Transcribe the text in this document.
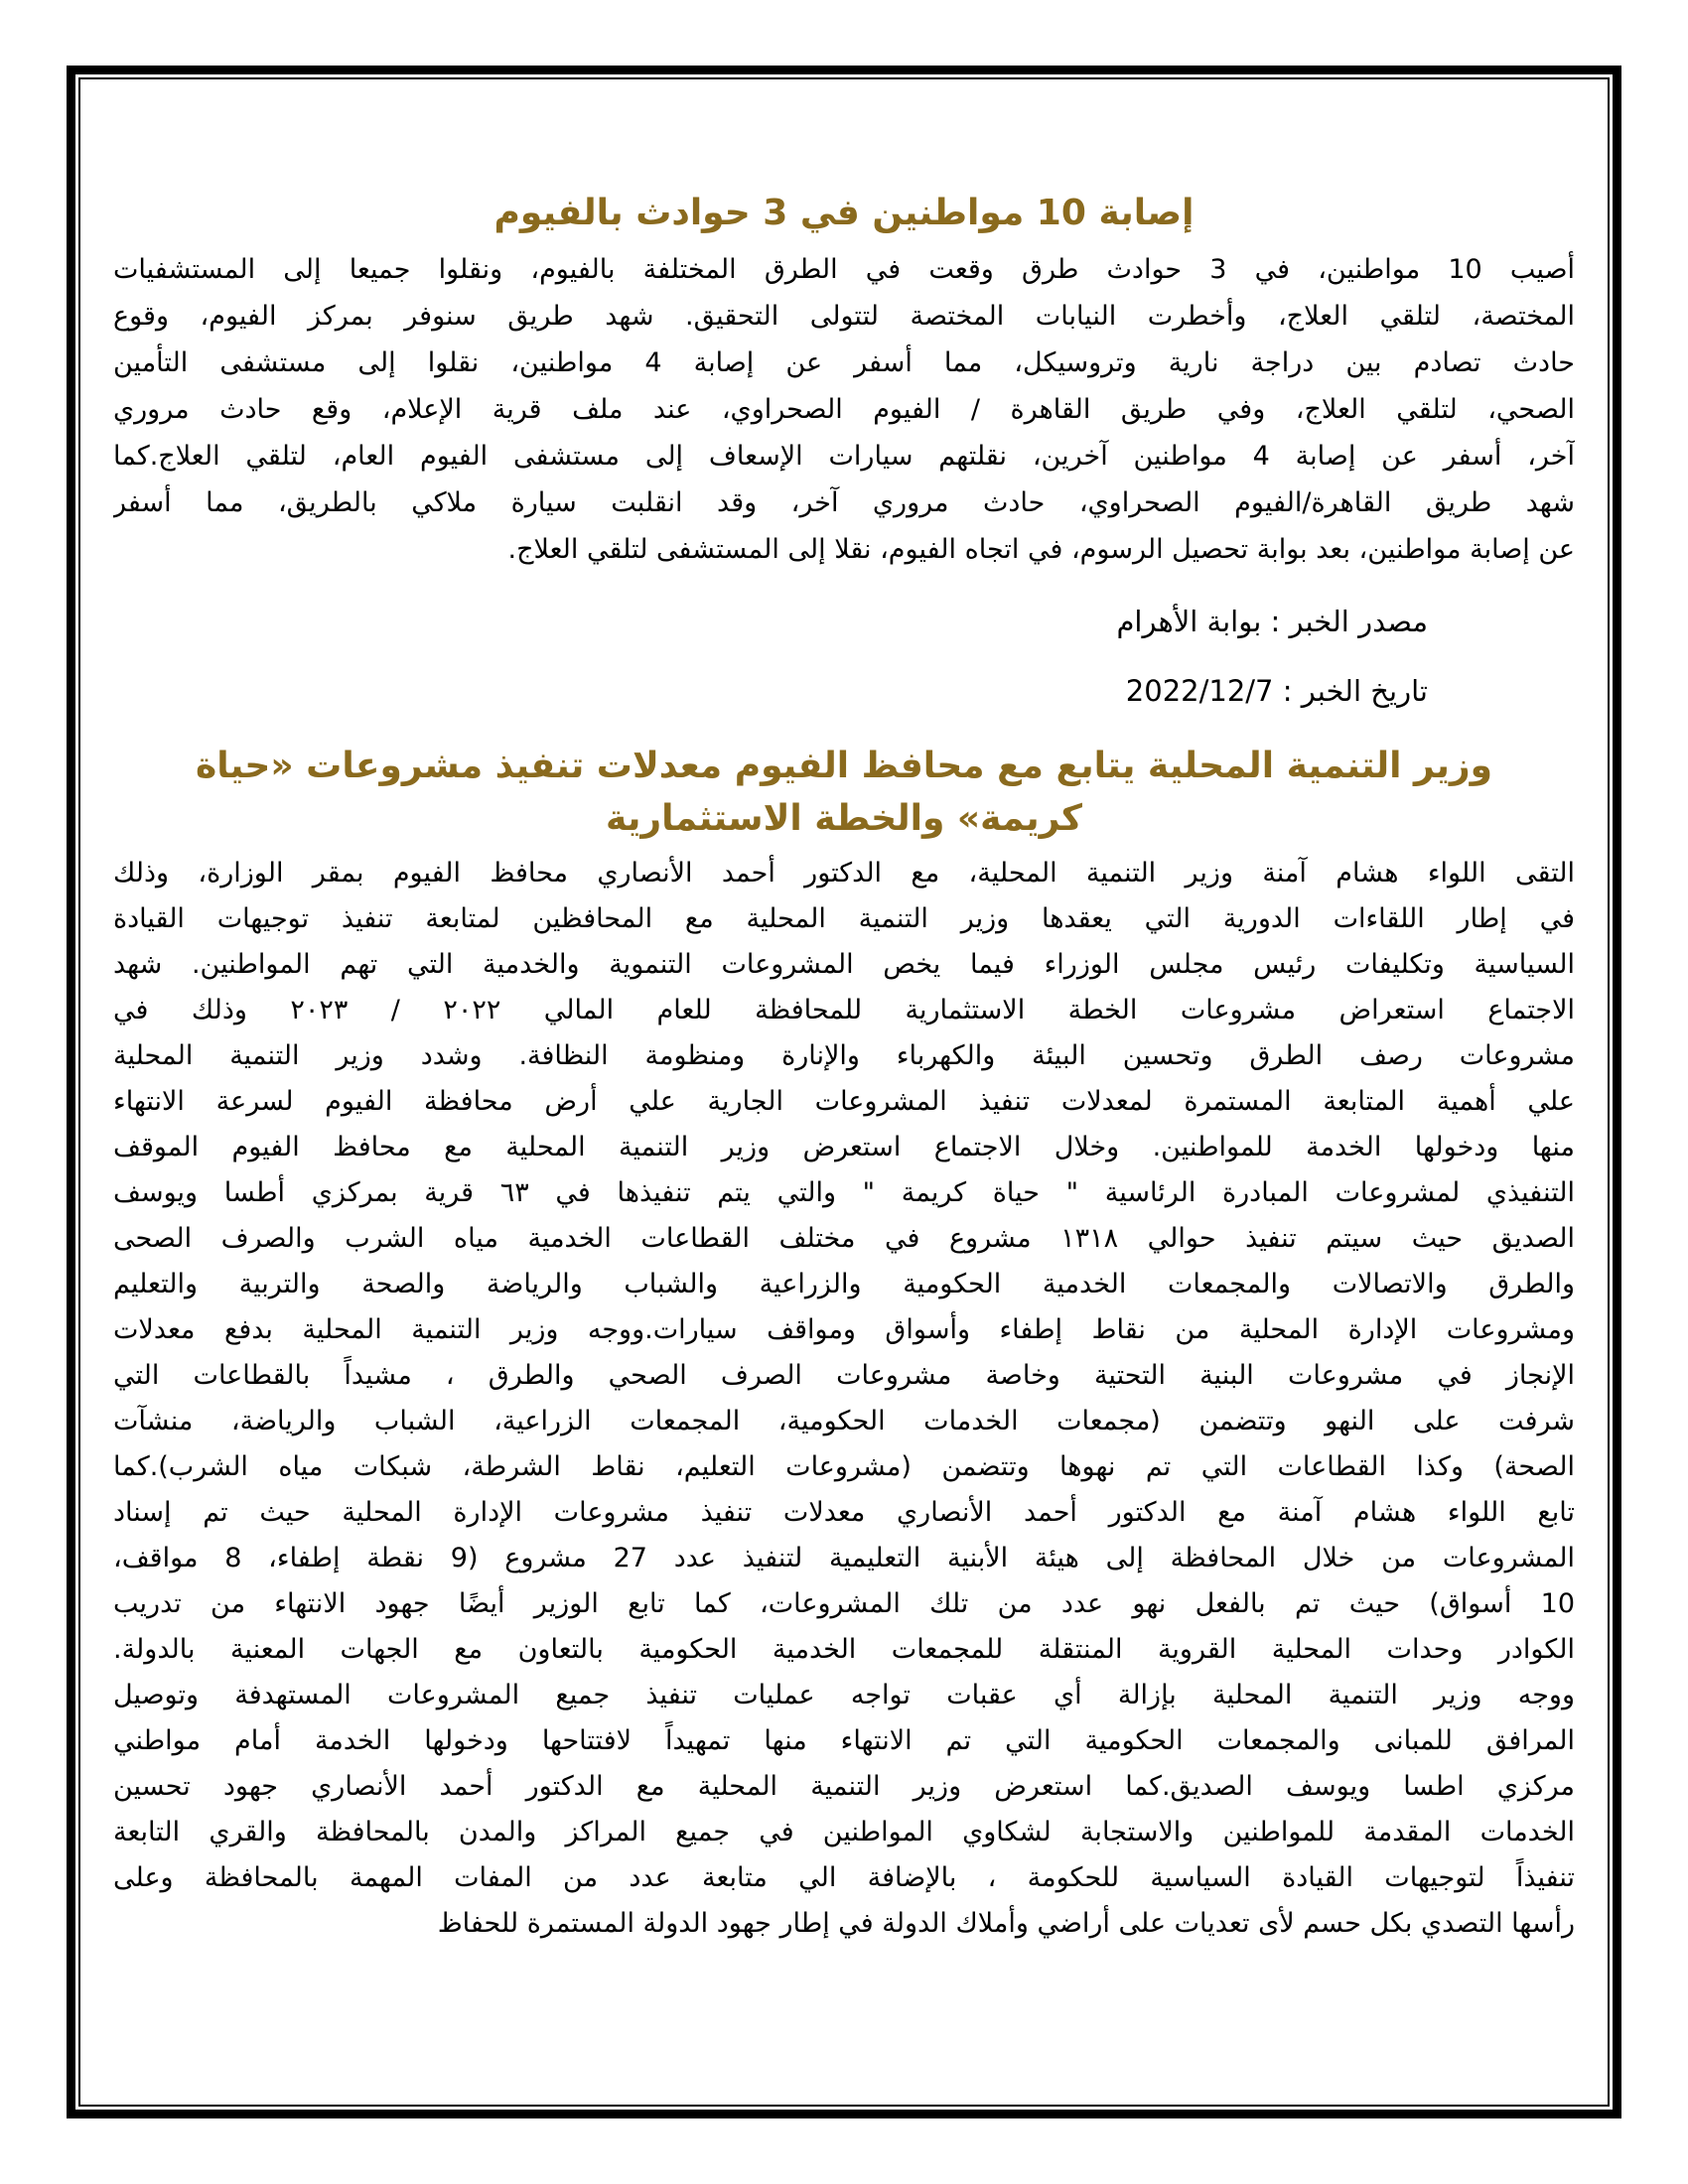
إصابة 10 مواطنين في 3 حوادث بالفيوم
أصيب 10 مواطنين، في 3 حوادث طرق وقعت في الطرق المختلفة بالفيوم، ونقلوا جميعا إلى المستشفيات
المختصة، لتلقي العلاج، وأخطرت النيابات المختصة لتتولى التحقيق. شهد طريق سنوفر بمركز الفيوم، وقوع
حادث تصادم بين دراجة نارية وتروسيكل، مما أسفر عن إصابة 4 مواطنين، نقلوا إلى مستشفى التأمين
الصحي، لتلقي العلاج، وفي طريق القاهرة / الفيوم الصحراوي، عند ملف قرية الإعلام، وقع حادث مروري
آخر، أسفر عن إصابة 4 مواطنين آخرين، نقلتهم سيارات الإسعاف إلى مستشفى الفيوم العام، لتلقي العلاج.كما
شهد طريق القاهرة/الفيوم الصحراوي، حادث مروري آخر، وقد انقلبت سيارة ملاكي بالطريق، مما أسفر
عن إصابة مواطنين، بعد بوابة تحصيل الرسوم، في اتجاه الفيوم، نقلا إلى المستشفى لتلقي العلاج.
مصدر الخبر : بوابة الأهرام
تاريخ الخبر : 2022/12/7
وزير التنمية المحلية يتابع مع محافظ الفيوم معدلات تنفيذ مشروعات «حياة
كريمة» والخطة الاستثمارية
التقى اللواء هشام آمنة وزير التنمية المحلية، مع الدكتور أحمد الأنصاري محافظ الفيوم بمقر الوزارة، وذلك
في إطار اللقاءات الدورية التي يعقدها وزير التنمية المحلية مع المحافظين لمتابعة تنفيذ توجيهات القيادة
السياسية وتكليفات رئيس مجلس الوزراء فيما يخص المشروعات التنموية والخدمية التي تهم المواطنين. شهد
الاجتماع استعراض مشروعات الخطة الاستثمارية للمحافظة للعام المالي ٢٠٢٢ / ٢٠٢٣ وذلك في
مشروعات رصف الطرق وتحسين البيئة والكهرباء والإنارة ومنظومة النظافة. وشدد وزير التنمية المحلية
علي أهمية المتابعة المستمرة لمعدلات تنفيذ المشروعات الجارية علي أرض محافظة الفيوم لسرعة الانتهاء
منها ودخولها الخدمة للمواطنين. وخلال الاجتماع استعرض وزير التنمية المحلية مع محافظ الفيوم الموقف
التنفيذي لمشروعات المبادرة الرئاسية " حياة كريمة " والتي يتم تنفيذها في ٦٣ قرية بمركزي أطسا ويوسف
الصديق حيث سيتم تنفيذ حوالي ١٣١٨ مشروع في مختلف القطاعات الخدمية مياه الشرب والصرف الصحى
والطرق والاتصالات والمجمعات الخدمية الحكومية والزراعية والشباب والرياضة والصحة والتربية والتعليم
ومشروعات الإدارة المحلية من نقاط إطفاء وأسواق ومواقف سيارات.ووجه وزير التنمية المحلية بدفع معدلات
الإنجاز في مشروعات البنية التحتية وخاصة مشروعات الصرف الصحي والطرق ، مشيداً بالقطاعات التي
شرفت على النهو وتتضمن (مجمعات الخدمات الحكومية، المجمعات الزراعية، الشباب والرياضة، منشآت
الصحة) وكذا القطاعات التي تم نهوها وتتضمن (مشروعات التعليم، نقاط الشرطة، شبكات مياه الشرب).كما
تابع اللواء هشام آمنة مع الدكتور أحمد الأنصاري معدلات تنفيذ مشروعات الإدارة المحلية حيث تم إسناد
المشروعات من خلال المحافظة إلى هيئة الأبنية التعليمية لتنفيذ عدد 27 مشروع (9 نقطة إطفاء، 8 مواقف،
10 أسواق) حيث تم بالفعل نهو عدد من تلك المشروعات، كما تابع الوزير أيضًا جهود الانتهاء من تدريب
الكوادر وحدات المحلية القروية المنتقلة للمجمعات الخدمية الحكومية بالتعاون مع الجهات المعنية بالدولة.
ووجه وزير التنمية المحلية بإزالة أي عقبات تواجه عمليات تنفيذ جميع المشروعات المستهدفة وتوصيل
المرافق للمبانى والمجمعات الحكومية التي تم الانتهاء منها تمهيداً لافتتاحها ودخولها الخدمة أمام مواطني
مركزي اطسا ويوسف الصديق.كما استعرض وزير التنمية المحلية مع الدكتور أحمد الأنصاري جهود تحسين
الخدمات المقدمة للمواطنين والاستجابة لشكاوي المواطنين في جميع المراكز والمدن بالمحافظة والقري التابعة
تنفيذاً لتوجيهات القيادة السياسية للحكومة ، بالإضافة الي متابعة عدد من المفات المهمة بالمحافظة وعلى
رأسها التصدي بكل حسم لأى تعديات على أراضي وأملاك الدولة في إطار جهود الدولة المستمرة للحفاظ
